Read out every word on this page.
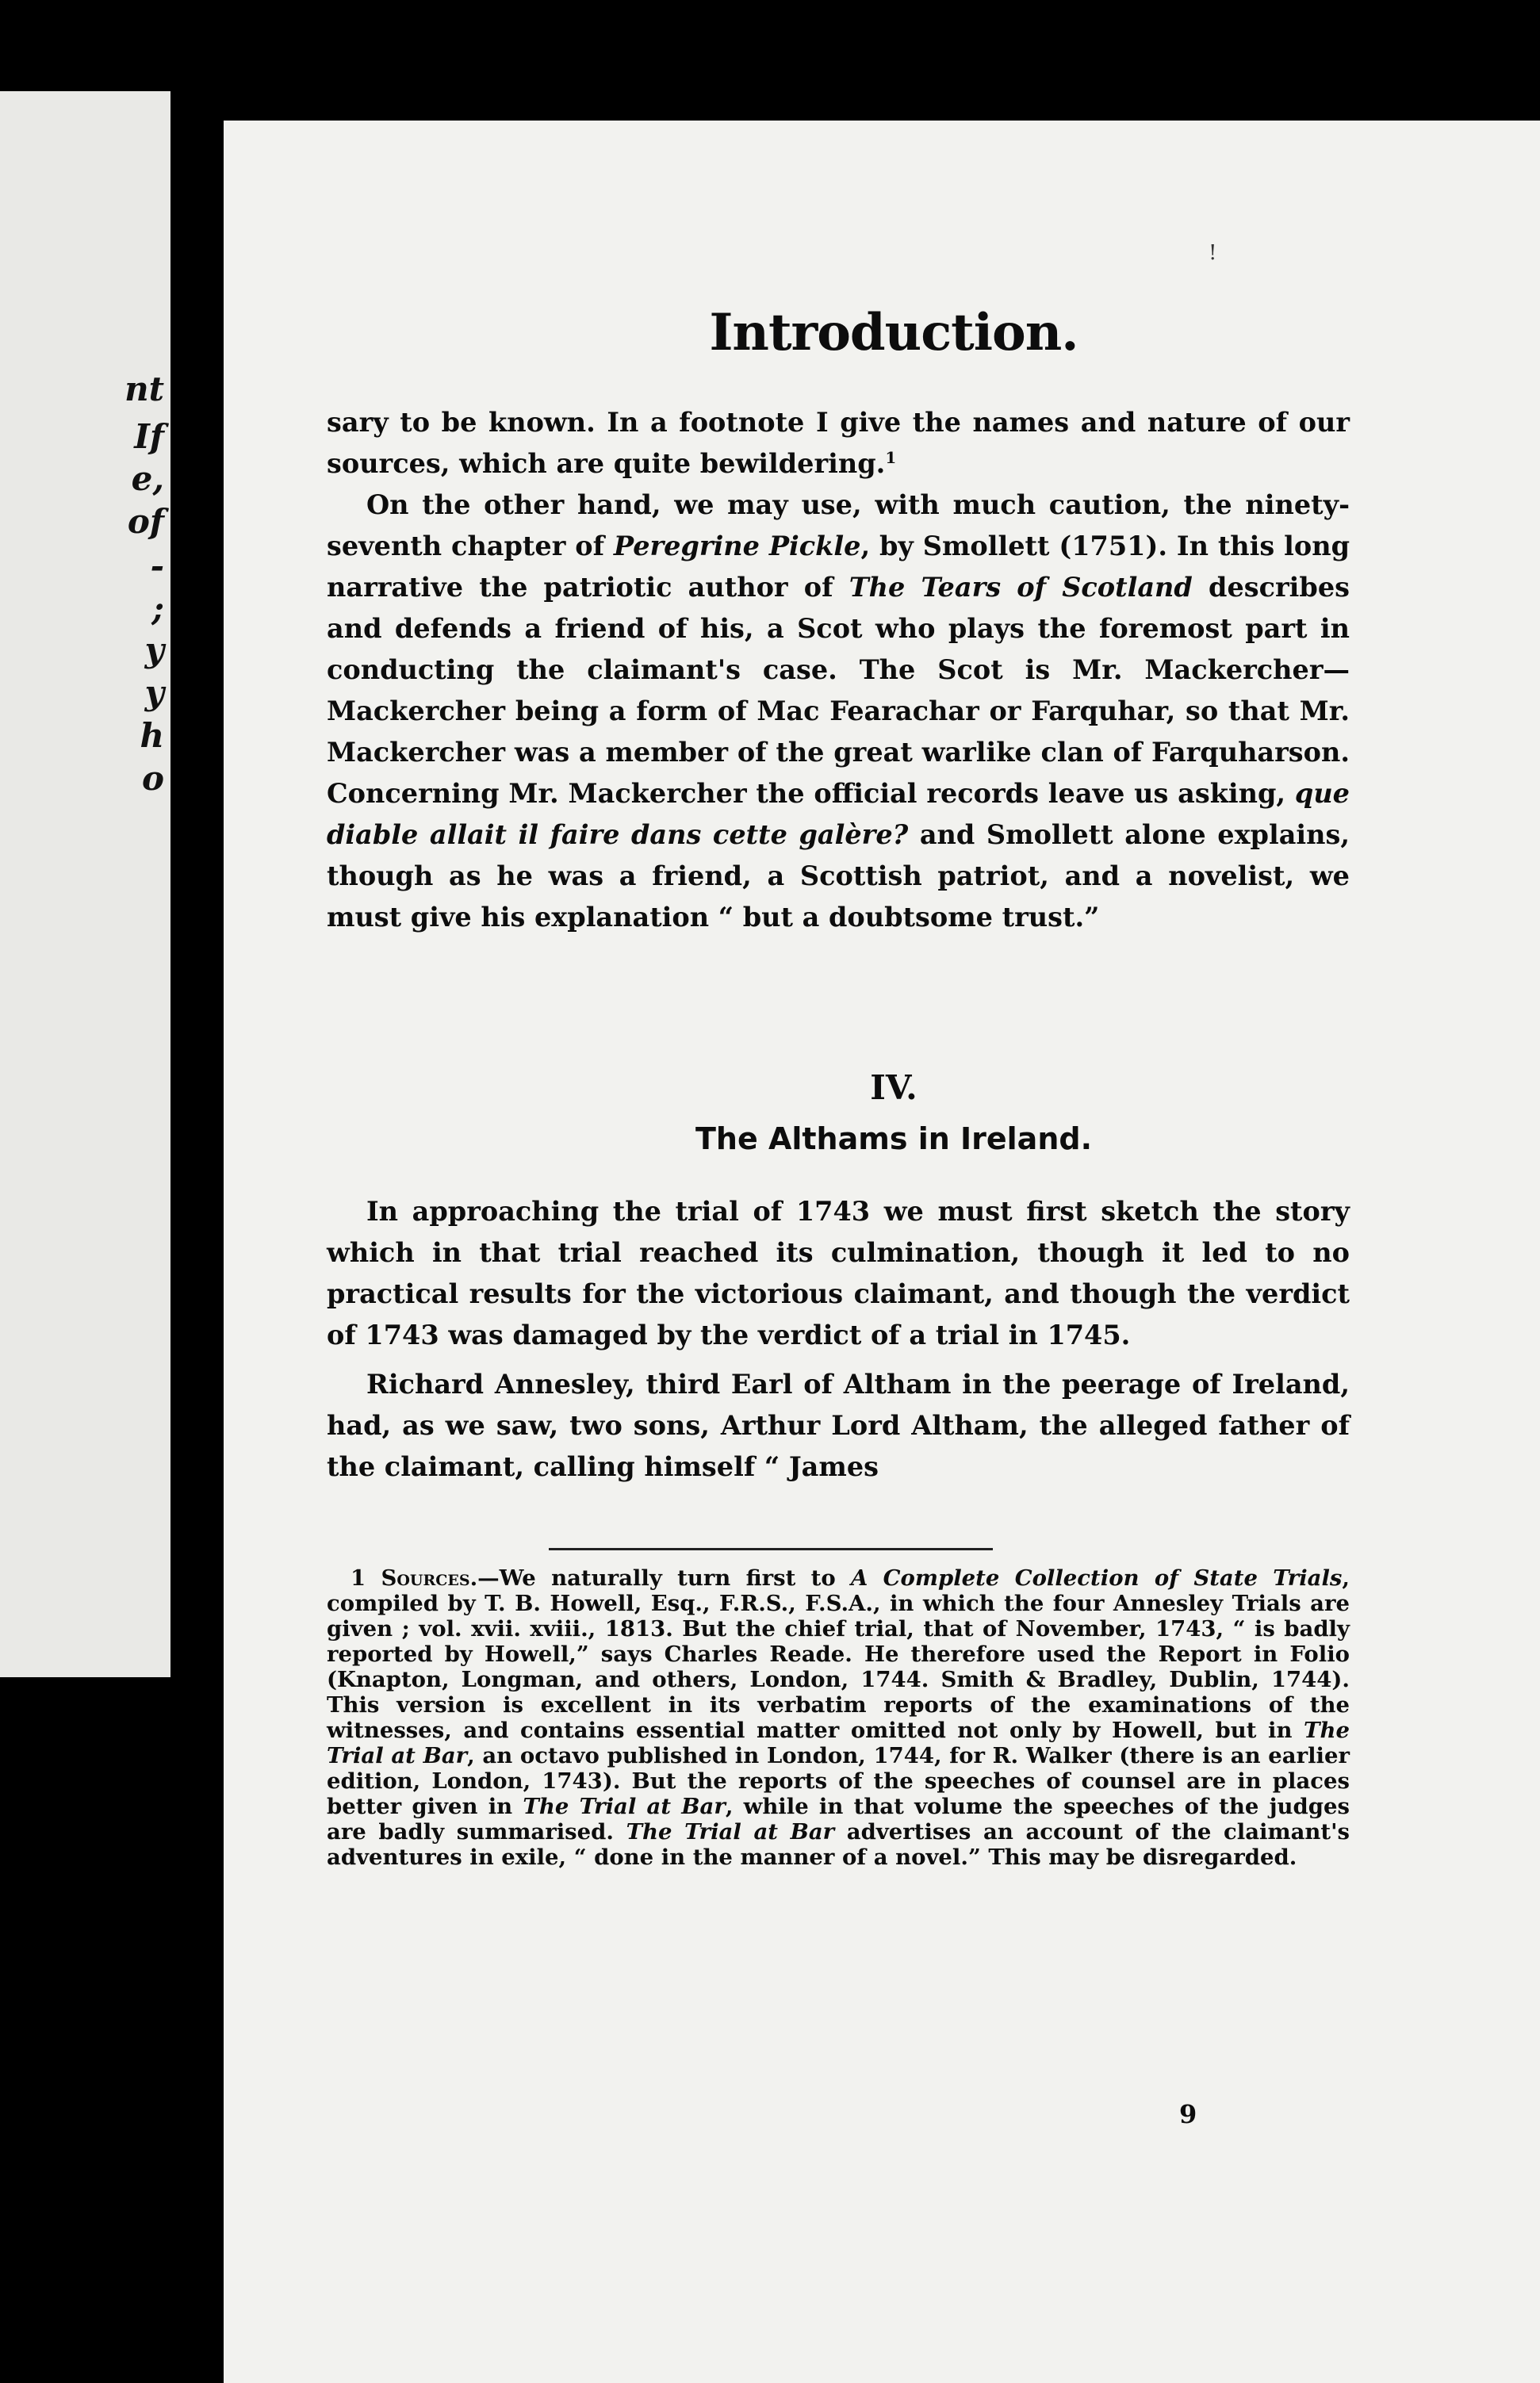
nt
If
e,
of
-
;
y
y
h
o
!
Introduction.

sary to be known. In a footnote I give the names and nature of our sources, which are quite bewildering.$^1$

On the other hand, we may use, with much caution, the ninety-seventh chapter of Peregrine Pickle, by Smollett (1751). In this long narrative the patriotic author of The Tears of Scotland describes and defends a friend of his, a Scot who plays the foremost part in conducting the claimant's case. The Scot is Mr. Mackercher—Mackercher being a form of Mac Fearachar or Farquhar, so that Mr. Mackercher was a member of the great warlike clan of Farquharson. Concerning Mr. Mackercher the official records leave us asking, que diable allait il faire dans cette galère? and Smollett alone explains, though as he was a friend, a Scottish patriot, and a novelist, we must give his explanation “ but a doubtsome trust.”

IV.
The Althams in Ireland.

In approaching the trial of 1743 we must first sketch the story which in that trial reached its culmination, though it led to no practical results for the victorious claimant, and though the verdict of 1743 was damaged by the verdict of a trial in 1745.

Richard Annesley, third Earl of Altham in the peerage of Ireland, had, as we saw, two sons, Arthur Lord Altham, the alleged father of the claimant, calling himself “ James

1 Sources.—We naturally turn first to A Complete Collection of State Trials, compiled by T. B. Howell, Esq., F.R.S., F.S.A., in which the four Annesley Trials are given ; vol. xvii. xviii., 1813. But the chief trial, that of November, 1743, “ is badly reported by Howell,” says Charles Reade. He therefore used the Report in Folio (Knapton, Longman, and others, London, 1744. Smith & Bradley, Dublin, 1744). This version is excellent in its verbatim reports of the examinations of the witnesses, and contains essential matter omitted not only by Howell, but in The Trial at Bar, an octavo published in London, 1744, for R. Walker (there is an earlier edition, London, 1743). But the reports of the speeches of counsel are in places better given in The Trial at Bar, while in that volume the speeches of the judges are badly summarised. The Trial at Bar advertises an account of the claimant's adventures in exile, “ done in the manner of a novel.” This may be disregarded.

9
